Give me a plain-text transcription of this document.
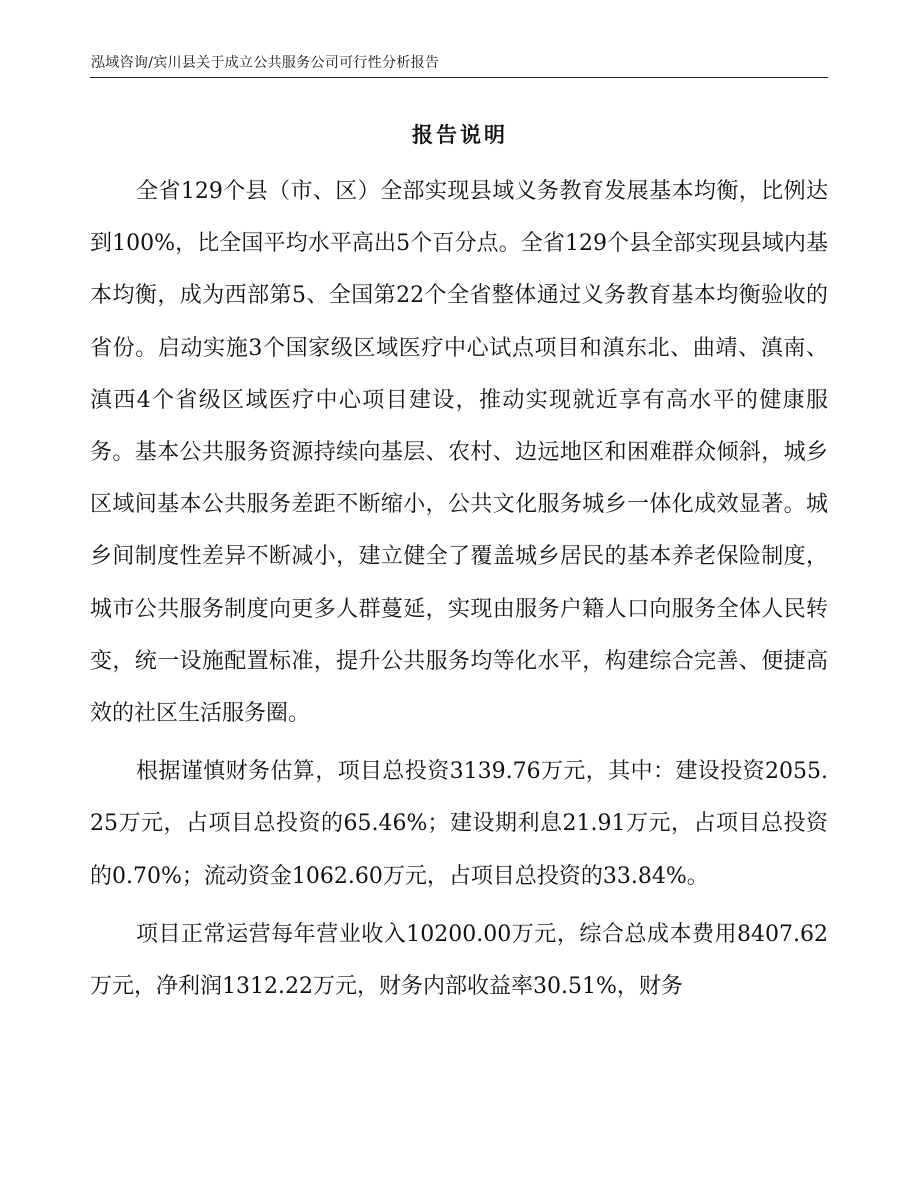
泓域咨询/宾川县关于成立公共服务公司可行性分析报告
报告说明

全省129个县（市、区）全部实现县域义务教育发展基本均衡，比例达到100%，比全国平均水平高出5个百分点。全省129个县全部实现县域内基本均衡，成为西部第5、全国第22个全省整体通过义务教育基本均衡验收的省份。启动实施3个国家级区域医疗中心试点项目和滇东北、曲靖、滇南、滇西4个省级区域医疗中心项目建设，推动实现就近享有高水平的健康服务。基本公共服务资源持续向基层、农村、边远地区和困难群众倾斜，城乡区域间基本公共服务差距不断缩小，公共文化服务城乡一体化成效显著。城乡间制度性差异不断减小，建立健全了覆盖城乡居民的基本养老保险制度，城市公共服务制度向更多人群蔓延，实现由服务户籍人口向服务全体人民转变，统一设施配置标准，提升公共服务均等化水平，构建综合完善、便捷高效的社区生活服务圈。

根据谨慎财务估算，项目总投资3139.76万元，其中：建设投资2055.25万元，占项目总投资的65.46%；建设期利息21.91万元，占项目总投资的0.70%；流动资金1062.60万元，占项目总投资的33.84%。

项目正常运营每年营业收入10200.00万元，综合总成本费用8407.62万元，净利润1312.22万元，财务内部收益率30.51%，财务
